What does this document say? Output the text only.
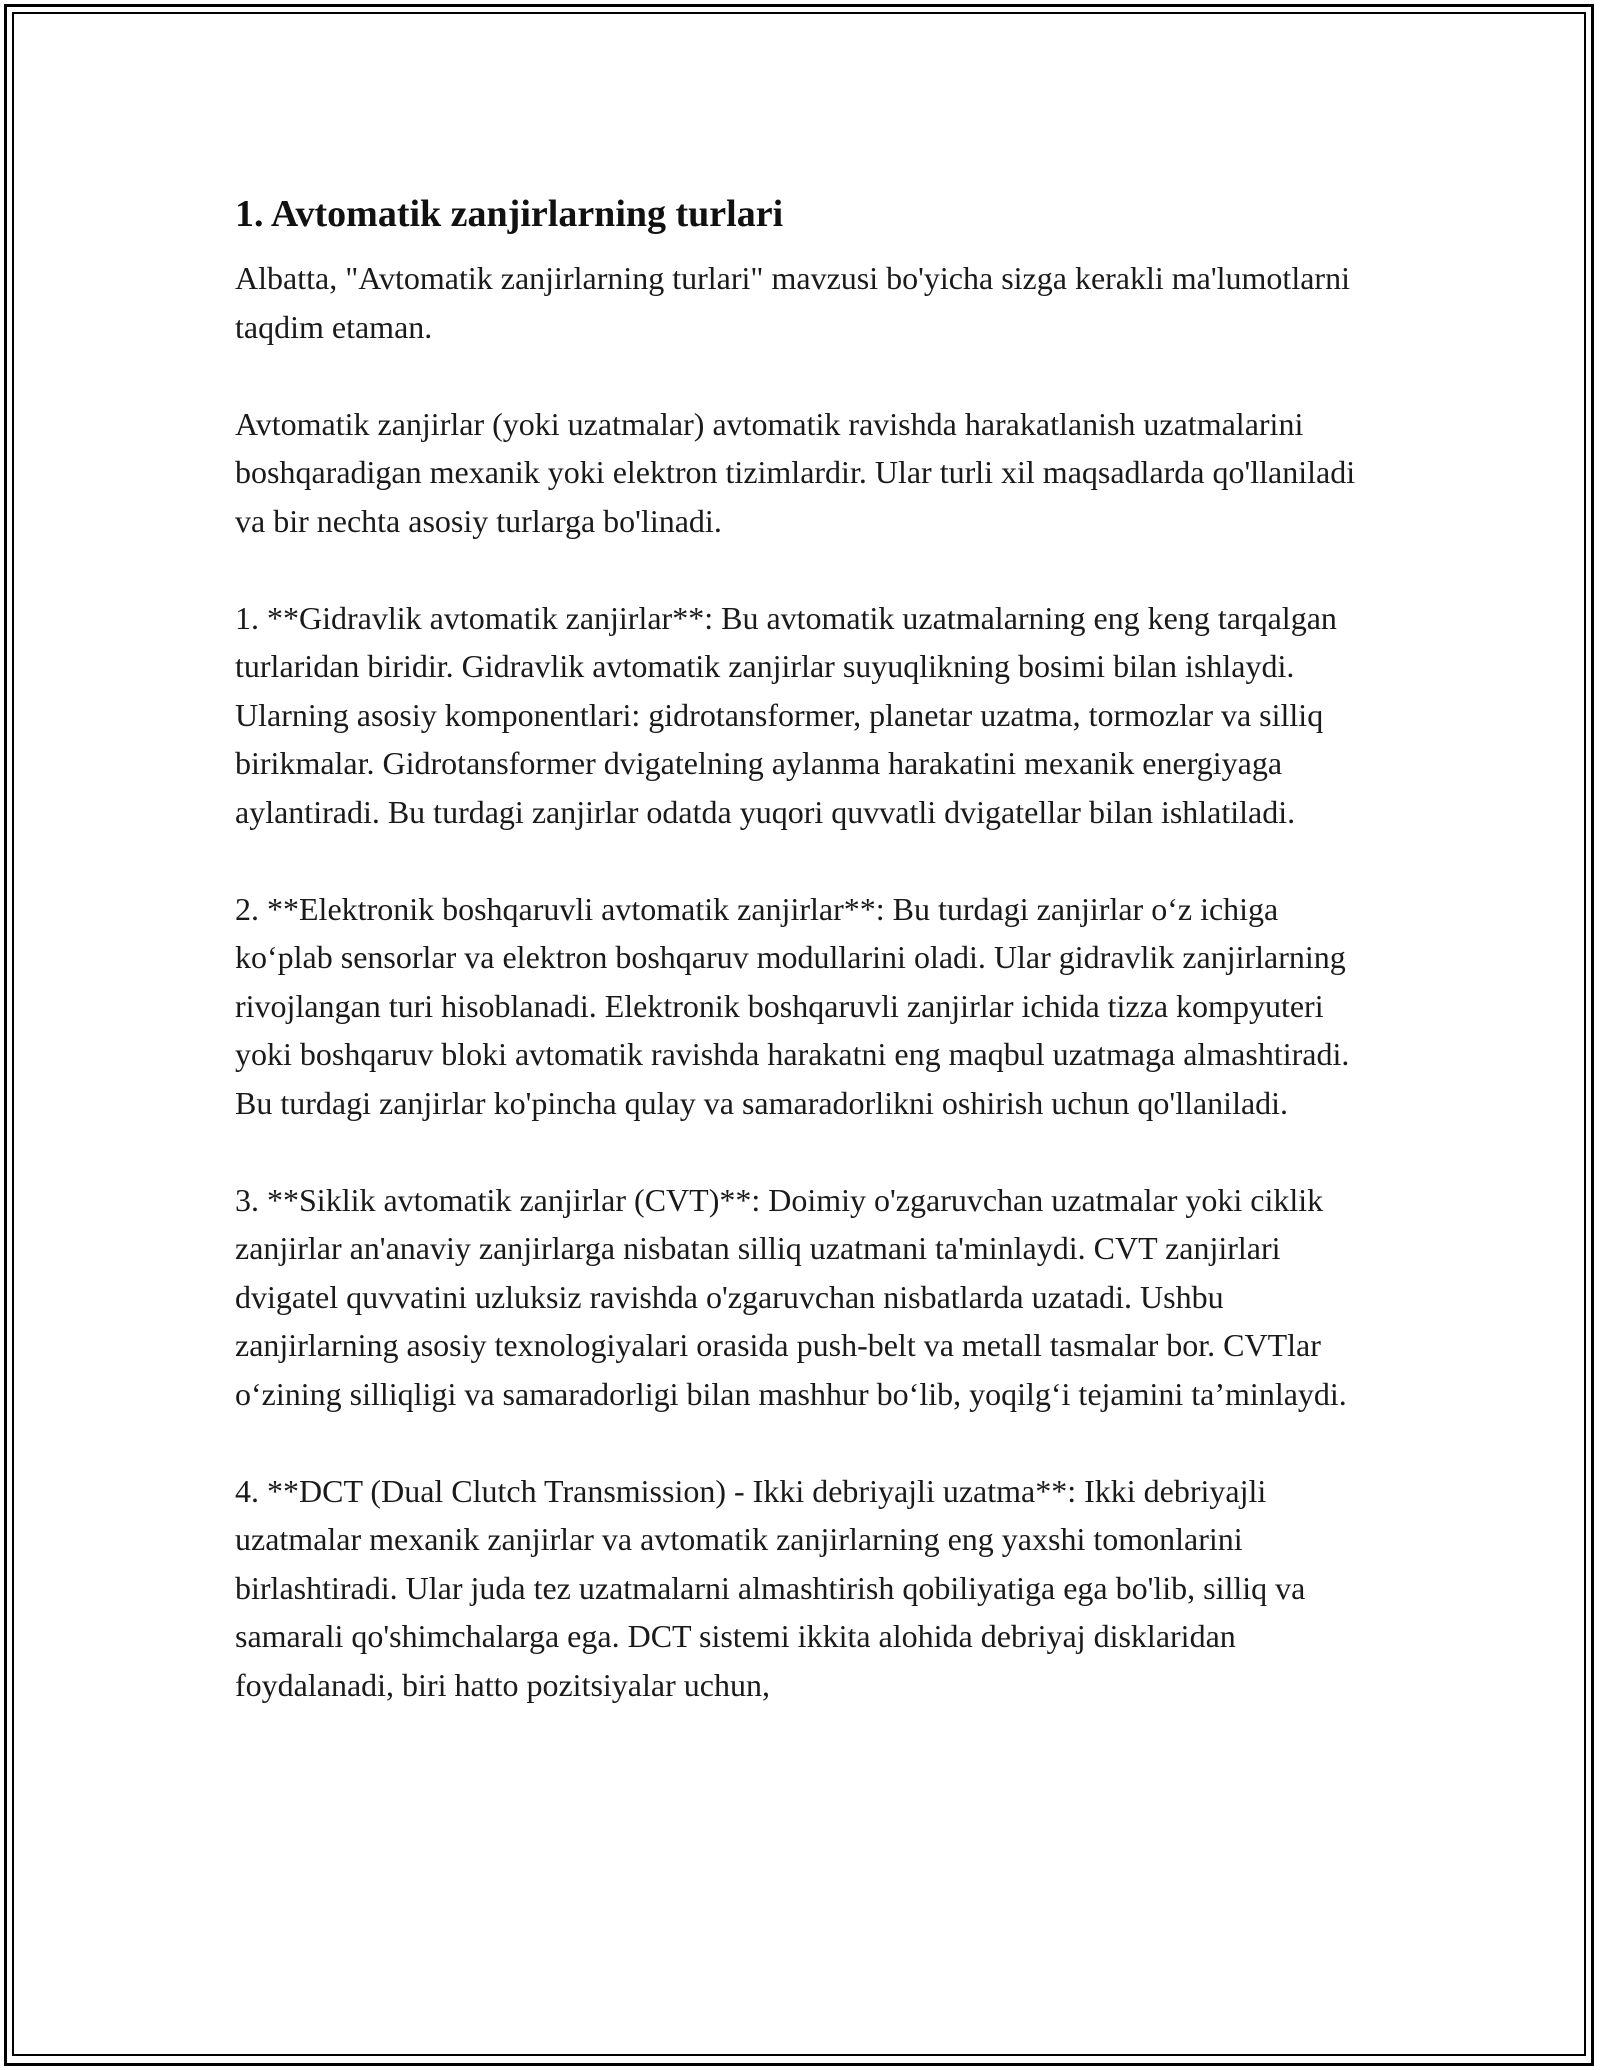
1. Avtomatik zanjirlarning turlari

Albatta, "Avtomatik zanjirlarning turlari" mavzusi bo'yicha sizga kerakli ma'lumotlarni taqdim etaman.

Avtomatik zanjirlar (yoki uzatmalar) avtomatik ravishda harakatlanish uzatmalarini boshqaradigan mexanik yoki elektron tizimlardir. Ular turli xil maqsadlarda qo'llaniladi va bir nechta asosiy turlarga bo'linadi.

1. **Gidravlik avtomatik zanjirlar**: Bu avtomatik uzatmalarning eng keng tarqalgan turlaridan biridir. Gidravlik avtomatik zanjirlar suyuqlikning bosimi bilan ishlaydi. Ularning asosiy komponentlari: gidrotansformer, planetar uzatma, tormozlar va silliq birikmalar. Gidrotansformer dvigatelning aylanma harakatini mexanik energiyaga aylantiradi. Bu turdagi zanjirlar odatda yuqori quvvatli dvigatellar bilan ishlatiladi.

2. **Elektronik boshqaruvli avtomatik zanjirlar**: Bu turdagi zanjirlar o‘z ichiga ko‘plab sensorlar va elektron boshqaruv modullarini oladi. Ular gidravlik zanjirlarning rivojlangan turi hisoblanadi. Elektronik boshqaruvli zanjirlar ichida tizza kompyuteri yoki boshqaruv bloki avtomatik ravishda harakatni eng maqbul uzatmaga almashtiradi. Bu turdagi zanjirlar ko'pincha qulay va samaradorlikni oshirish uchun qo'llaniladi.

3. **Siklik avtomatik zanjirlar (CVT)**: Doimiy o'zgaruvchan uzatmalar yoki ciklik zanjirlar an'anaviy zanjirlarga nisbatan silliq uzatmani ta'minlaydi. CVT zanjirlari dvigatel quvvatini uzluksiz ravishda o'zgaruvchan nisbatlarda uzatadi. Ushbu zanjirlarning asosiy texnologiyalari orasida push-belt va metall tasmalar bor. CVTlar o‘zining silliqligi va samaradorligi bilan mashhur bo‘lib, yoqilg‘i tejamini ta’minlaydi.

4. **DCT (Dual Clutch Transmission) - Ikki debriyajli uzatma**: Ikki debriyajli uzatmalar mexanik zanjirlar va avtomatik zanjirlarning eng yaxshi tomonlarini birlashtiradi. Ular juda tez uzatmalarni almashtirish qobiliyatiga ega bo'lib, silliq va samarali qo'shimchalarga ega. DCT sistemi ikkita alohida debriyaj disklaridan foydalanadi, biri hatto pozitsiyalar uchun,
